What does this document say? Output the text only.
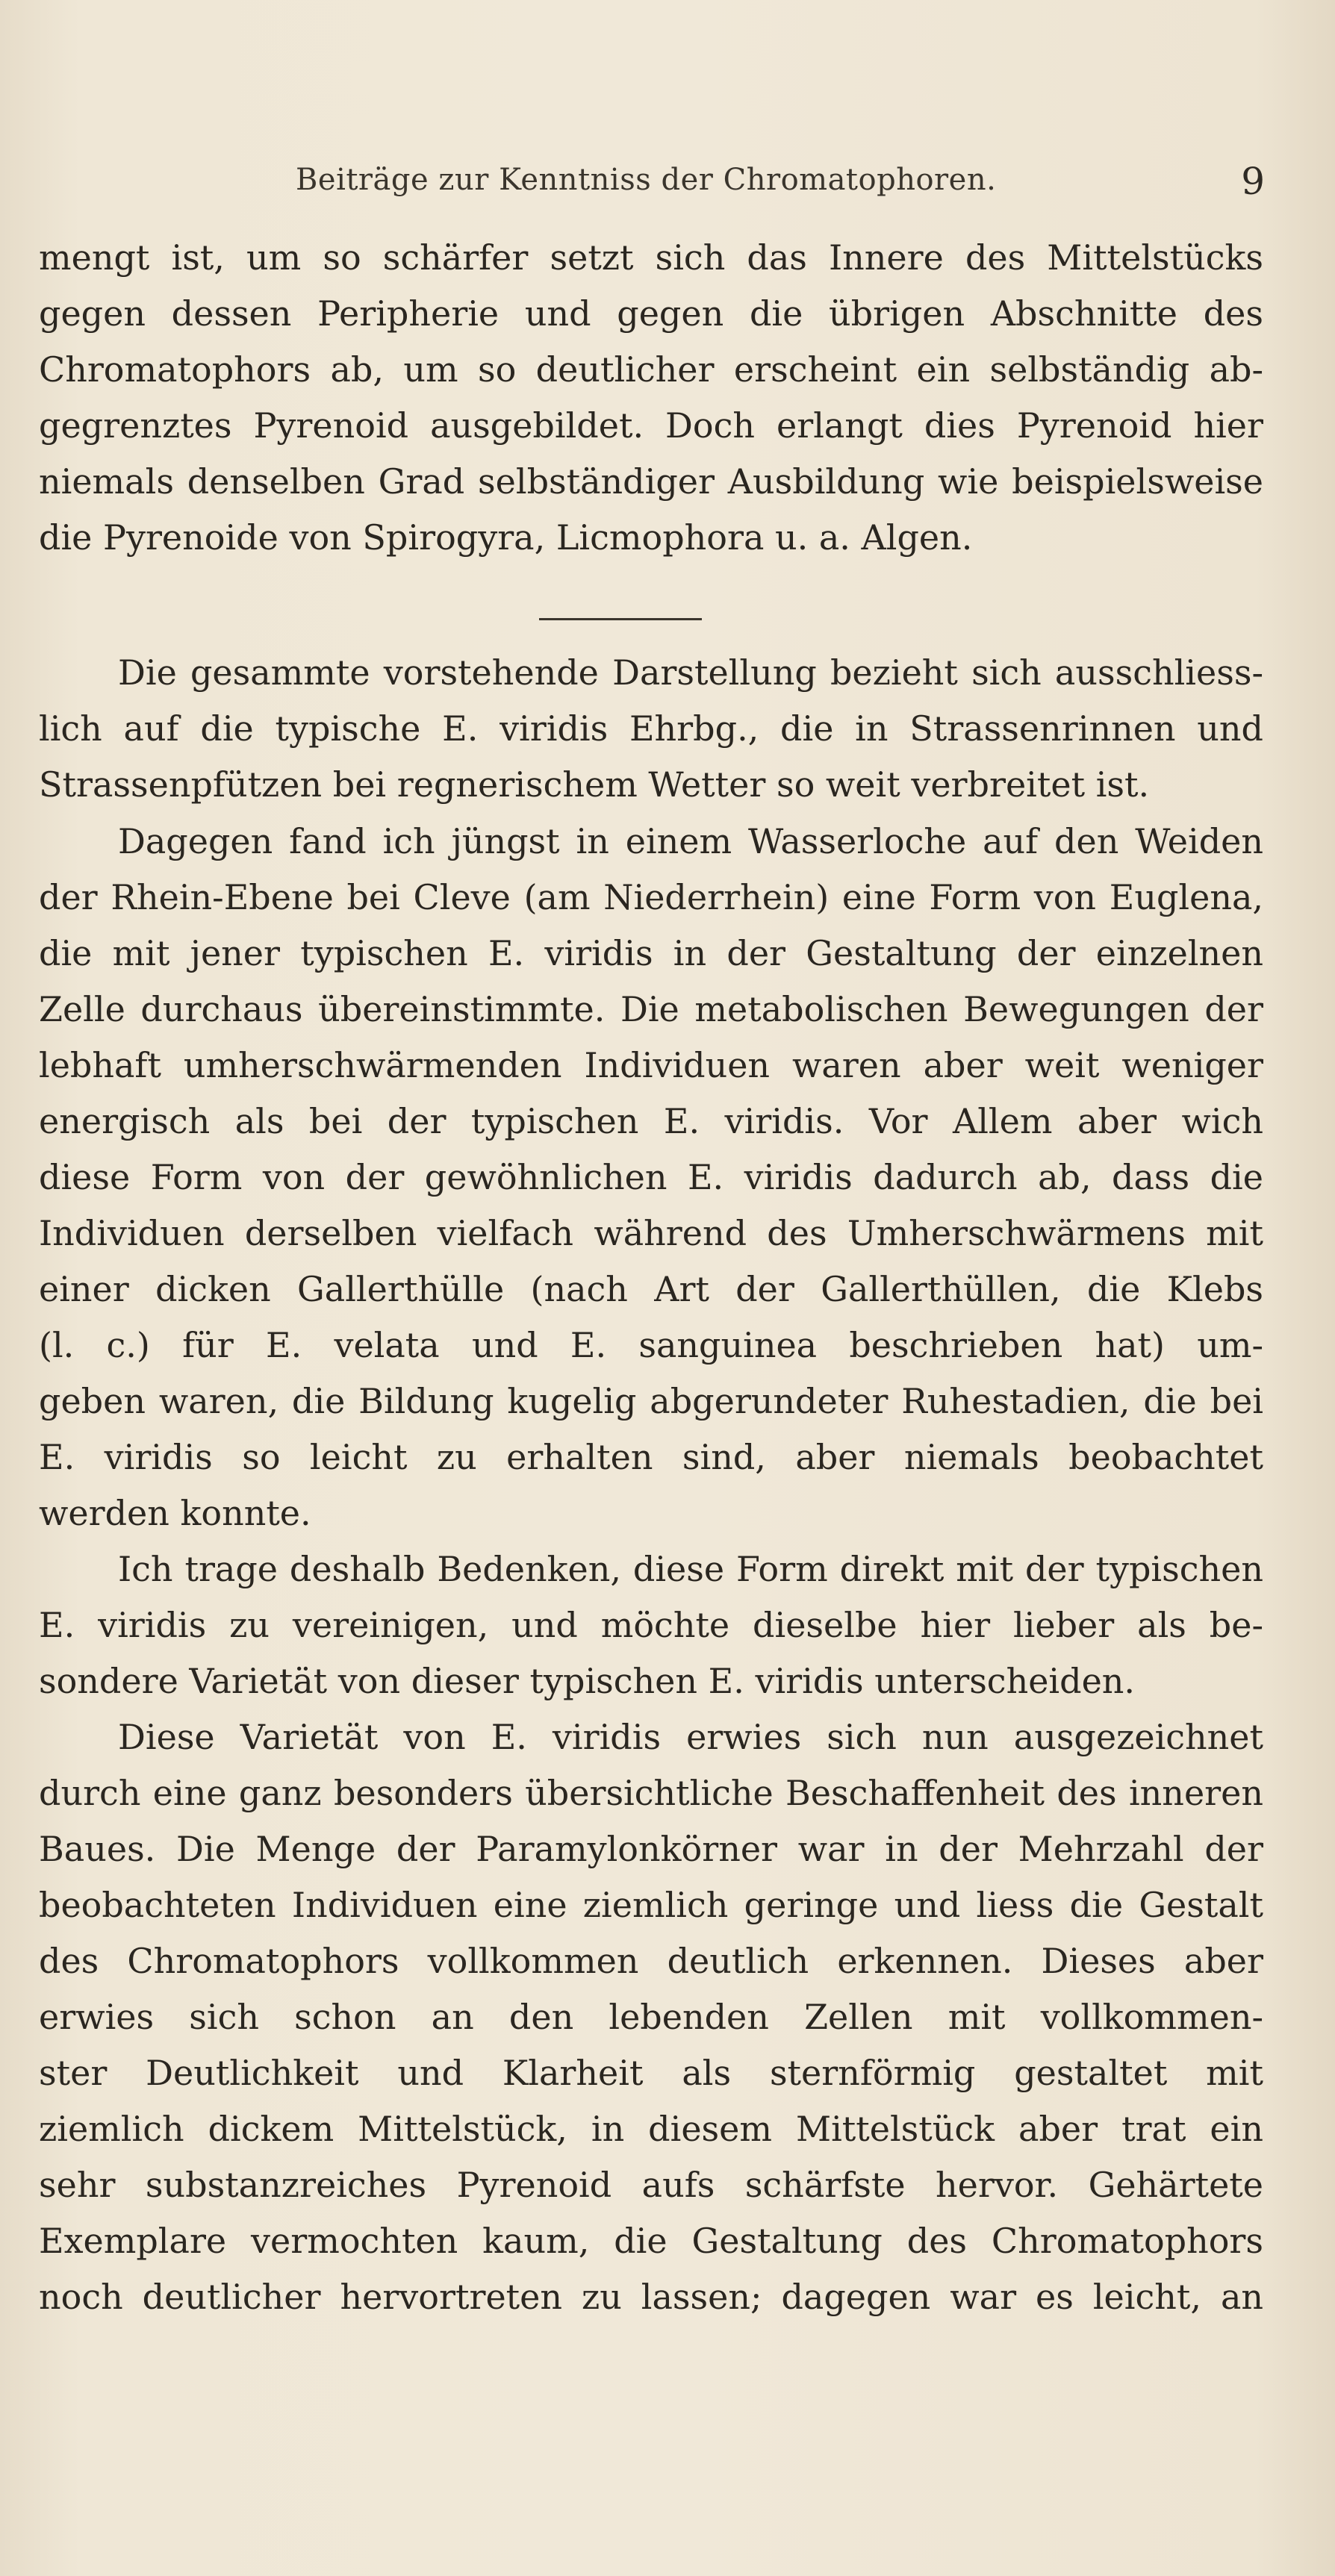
Beiträge zur Kenntniss der Chromatophoren.	9
mengt ist, um so schärfer setzt sich das Innere des Mittelstücks
gegen dessen Peripherie und gegen die übrigen Abschnitte des
Chromatophors ab, um so deutlicher erscheint ein selbständig ab-
gegrenztes Pyrenoid ausgebildet. Doch erlangt dies Pyrenoid hier
niemals denselben Grad selbständiger Ausbildung wie beispielsweise
die Pyrenoide von Spirogyra, Licmophora u. a. Algen.
Die gesammte vorstehende Darstellung bezieht sich ausschliess-
lich auf die typische E. viridis Ehrbg., die in Strassenrinnen und
Strassenpfützen bei regnerischem Wetter so weit verbreitet ist.
Dagegen fand ich jüngst in einem Wasserloche auf den Weiden
der Rhein-Ebene bei Cleve (am Niederrhein) eine Form von Euglena,
die mit jener typischen E. viridis in der Gestaltung der einzelnen
Zelle durchaus übereinstimmte. Die metabolischen Bewegungen der
lebhaft umherschwärmenden Individuen waren aber weit weniger
energisch als bei der typischen E. viridis. Vor Allem aber wich
diese Form von der gewöhnlichen E. viridis dadurch ab, dass die
Individuen derselben vielfach während des Umherschwärmens mit
einer dicken Gallerthülle (nach Art der Gallerthüllen, die Klebs
(l. c.) für E. velata und E. sanguinea beschrieben hat) um-
geben waren, die Bildung kugelig abgerundeter Ruhestadien, die bei
E. viridis so leicht zu erhalten sind, aber niemals beobachtet
werden konnte.
Ich trage deshalb Bedenken, diese Form direkt mit der typischen
E. viridis zu vereinigen, und möchte dieselbe hier lieber als be-
sondere Varietät von dieser typischen E. viridis unterscheiden.
Diese Varietät von E. viridis erwies sich nun ausgezeichnet
durch eine ganz besonders übersichtliche Beschaffenheit des inneren
Baues. Die Menge der Paramylonkörner war in der Mehrzahl der
beobachteten Individuen eine ziemlich geringe und liess die Gestalt
des Chromatophors vollkommen deutlich erkennen. Dieses aber
erwies sich schon an den lebenden Zellen mit vollkommen-
ster Deutlichkeit und Klarheit als sternförmig gestaltet mit
ziemlich dickem Mittelstück, in diesem Mittelstück aber trat ein
sehr substanzreiches Pyrenoid aufs schärfste hervor. Gehärtete
Exemplare vermochten kaum, die Gestaltung des Chromatophors
noch deutlicher hervortreten zu lassen; dagegen war es leicht, an
